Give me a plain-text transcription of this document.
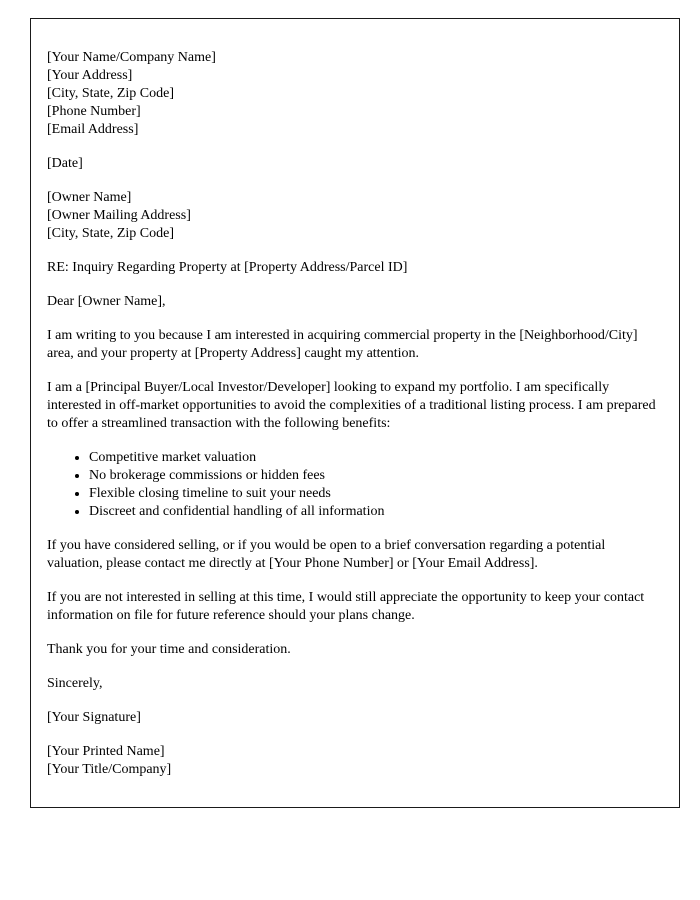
[Your Name/Company Name]

[Your Address]

[City, State, Zip Code]

[Phone Number]

[Email Address]

[Date]

[Owner Name]

[Owner Mailing Address]

[City, State, Zip Code]

RE: Inquiry Regarding Property at [Property Address/Parcel ID]

Dear [Owner Name],

I am writing to you because I am interested in acquiring commercial property in the [Neighborhood/City] area, and your property at [Property Address] caught my attention.

I am a [Principal Buyer/Local Investor/Developer] looking to expand my portfolio. I am specifically interested in off-market opportunities to avoid the complexities of a traditional listing process. I am prepared to offer a streamlined transaction with the following benefits:

• Competitive market valuation
• No brokerage commissions or hidden fees
• Flexible closing timeline to suit your needs
• Discreet and confidential handling of all information

If you have considered selling, or if you would be open to a brief conversation regarding a potential valuation, please contact me directly at [Your Phone Number] or [Your Email Address].

If you are not interested in selling at this time, I would still appreciate the opportunity to keep your contact information on file for future reference should your plans change.

Thank you for your time and consideration.

Sincerely,

[Your Signature]

[Your Printed Name]

[Your Title/Company]
